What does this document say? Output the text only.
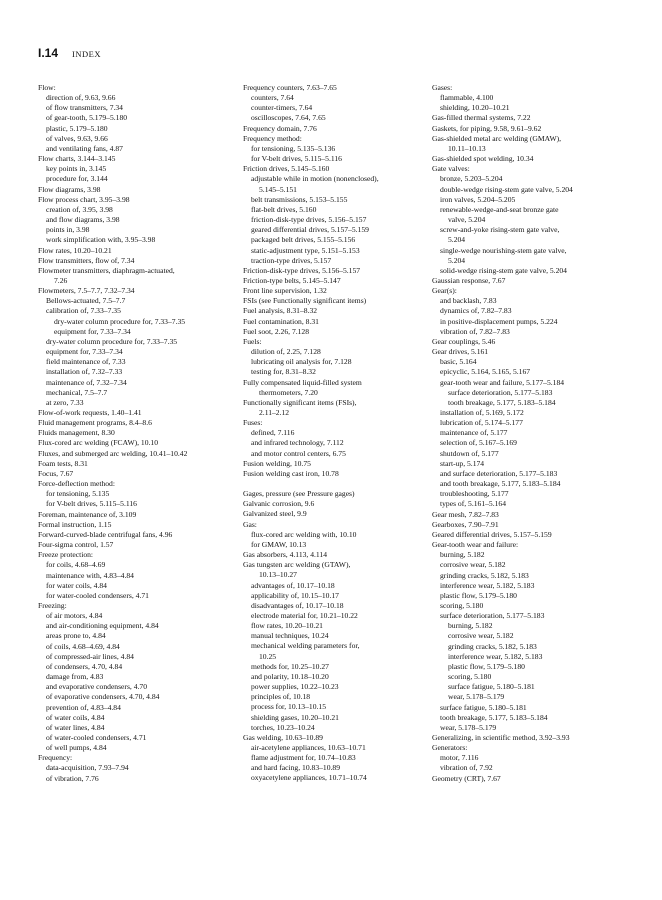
I.14 INDEX
Flow:
direction of, 9.63, 9.66
of flow transmitters, 7.34
of gear-tooth, 5.179–5.180
plastic, 5.179–5.180
of valves, 9.63, 9.66
and ventilating fans, 4.87
Flow charts, 3.144–3.145
key points in, 3.145
procedure for, 3.144
Flow diagrams, 3.98
Flow process chart, 3.95–3.98
creation of, 3.95, 3.98
and flow diagrams, 3.98
points in, 3.98
work simplification with, 3.95–3.98
Flow rates, 10.20–10.21
Flow transmitters, flow of, 7.34
Flowmeter transmitters, diaphragm-actuated,
7.26
Flowmeters, 7.5–7.7, 7.32–7.34
Bellows-actuated, 7.5–7.7
calibration of, 7.33–7.35
dry-water column procedure for, 7.33–7.35
equipment for, 7.33–7.34
dry-water column procedure for, 7.33–7.35
equipment for, 7.33–7.34
field maintenance of, 7.33
installation of, 7.32–7.33
maintenance of, 7.32–7.34
mechanical, 7.5–7.7
at zero, 7.33
Flow-of-work requests, 1.40–1.41
Fluid management programs, 8.4–8.6
Fluids management, 8.30
Flux-cored arc welding (FCAW), 10.10
Fluxes, and submerged arc welding, 10.41–10.42
Foam tests, 8.31
Focus, 7.67
Force-deflection method:
for tensioning, 5.135
for V-belt drives, 5.115–5.116
Foreman, maintenance of, 3.109
Formal instruction, 1.15
Forward-curved-blade centrifugal fans, 4.96
Four-sigma control, 1.57
Freeze protection:
for coils, 4.68–4.69
maintenance with, 4.83–4.84
for water coils, 4.84
for water-cooled condensers, 4.71
Freezing:
of air motors, 4.84
and air-conditioning equipment, 4.84
areas prone to, 4.84
of coils, 4.68–4.69, 4.84
of compressed-air lines, 4.84
of condensers, 4.70, 4.84
damage from, 4.83
and evaporative condensers, 4.70
of evaporative condensers, 4.70, 4.84
prevention of, 4.83–4.84
of water coils, 4.84
of water lines, 4.84
of water-cooled condensers, 4.71
of well pumps, 4.84
Frequency:
data-acquisition, 7.93–7.94
of vibration, 7.76
Frequency counters, 7.63–7.65
counters, 7.64
counter-timers, 7.64
oscilloscopes, 7.64, 7.65
Frequency domain, 7.76
Frequency method:
for tensioning, 5.135–5.136
for V-belt drives, 5.115–5.116
Friction drives, 5.145–5.160
adjustable while in motion (nonenclosed),
5.145–5.151
belt transmissions, 5.153–5.155
flat-belt drives, 5.160
friction-disk-type drives, 5.156–5.157
geared differential drives, 5.157–5.159
packaged belt drives, 5.155–5.156
static-adjustment type, 5.151–5.153
traction-type drives, 5.157
Friction-disk-type drives, 5.156–5.157
Friction-type belts, 5.145–5.147
Front line supervision, 1.32
FSIs (see Functionally significant items)
Fuel analysis, 8.31–8.32
Fuel contamination, 8.31
Fuel soot, 2.26, 7.128
Fuels:
dilution of, 2.25, 7.128
lubricating oil analysis for, 7.128
testing for, 8.31–8.32
Fully compensated liquid-filled system
thermometers, 7.20
Functionally significant items (FSIs),
2.11–2.12
Fuses:
defined, 7.116
and infrared technology, 7.112
and motor control centers, 6.75
Fusion welding, 10.75
Fusion welding cast iron, 10.78
Gages, pressure (see Pressure gages)
Galvanic corrosion, 9.6
Galvanized steel, 9.9
Gas:
flux-cored arc welding with, 10.10
for GMAW, 10.13
Gas absorbers, 4.113, 4.114
Gas tungsten arc welding (GTAW),
10.13–10.27
advantages of, 10.17–10.18
applicability of, 10.15–10.17
disadvantages of, 10.17–10.18
electrode material for, 10.21–10.22
flow rates, 10.20–10.21
manual techniques, 10.24
mechanical welding parameters for,
10.25
methods for, 10.25–10.27
and polarity, 10.18–10.20
power supplies, 10.22–10.23
principles of, 10.18
process for, 10.13–10.15
shielding gases, 10.20–10.21
torches, 10.23–10.24
Gas welding, 10.63–10.89
air-acetylene appliances, 10.63–10.71
flame adjustment for, 10.74–10.83
and hard facing, 10.83–10.89
oxyacetylene appliances, 10.71–10.74
Gases:
flammable, 4.100
shielding, 10.20–10.21
Gas-filled thermal systems, 7.22
Gaskets, for piping, 9.58, 9.61–9.62
Gas-shielded metal arc welding (GMAW),
10.11–10.13
Gas-shielded spot welding, 10.34
Gate valves:
bronze, 5.203–5.204
double-wedge rising-stem gate valve, 5.204
iron valves, 5.204–5.205
renewable-wedge-and-seat bronze gate
valve, 5.204
screw-and-yoke rising-stem gate valve,
5.204
single-wedge nourishing-stem gate valve,
5.204
solid-wedge rising-stem gate valve, 5.204
Gaussian response, 7.67
Gear(s):
and backlash, 7.83
dynamics of, 7.82–7.83
in positive-displacement pumps, 5.224
vibration of, 7.82–7.83
Gear couplings, 5.46
Gear drives, 5.161
basic, 5.164
epicyclic, 5.164, 5.165, 5.167
gear-tooth wear and failure, 5.177–5.184
surface deterioration, 5.177–5.183
tooth breakage, 5.177, 5.183–5.184
installation of, 5.169, 5.172
lubrication of, 5.174–5.177
maintenance of, 5.177
selection of, 5.167–5.169
shutdown of, 5.177
start-up, 5.174
and surface deterioration, 5.177–5.183
and tooth breakage, 5.177, 5.183–5.184
troubleshooting, 5.177
types of, 5.161–5.164
Gear mesh, 7.82–7.83
Gearboxes, 7.90–7.91
Geared differential drives, 5.157–5.159
Gear-tooth wear and failure:
burning, 5.182
corrosive wear, 5.182
grinding cracks, 5.182, 5.183
interference wear, 5.182, 5.183
plastic flow, 5.179–5.180
scoring, 5.180
surface deterioration, 5.177–5.183
burning, 5.182
corrosive wear, 5.182
grinding cracks, 5.182, 5.183
interference wear, 5.182, 5.183
plastic flow, 5.179–5.180
scoring, 5.180
surface fatigue, 5.180–5.181
wear, 5.178–5.179
surface fatigue, 5.180–5.181
tooth breakage, 5.177, 5.183–5.184
wear, 5.178–5.179
Generalizing, in scientific method, 3.92–3.93
Generators:
motor, 7.116
vibration of, 7.92
Geometry (CRT), 7.67
